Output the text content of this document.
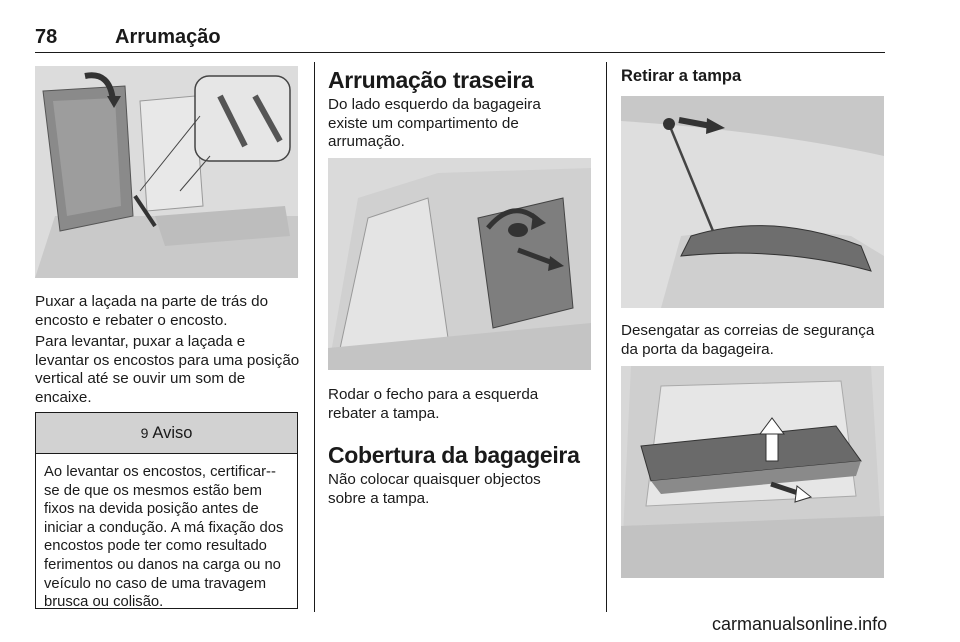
78	Arrumação

Puxar a laçada na parte de trás do encosto e rebater o encosto.

Para levantar, puxar a laçada e levantar os encostos para uma posição vertical até se ouvir um som de encaixe.

9 Aviso

Ao levantar os encostos, certificar--se de que os mesmos estão bem fixos na devida posição antes de iniciar a condução. A má fixação dos encostos pode ter como resultado ferimentos ou danos na carga ou no veículo no caso de uma travagem brusca ou colisão.

Arrumação traseira

Do lado esquerdo da bagageira existe um compartimento de arrumação.

Rodar o fecho para a esquerda rebater a tampa.

Cobertura da bagageira

Não colocar quaisquer objectos sobre a tampa.

Retirar a tampa

Desengatar as correias de segurança da porta da bagageira.

carmanualsonline.info
